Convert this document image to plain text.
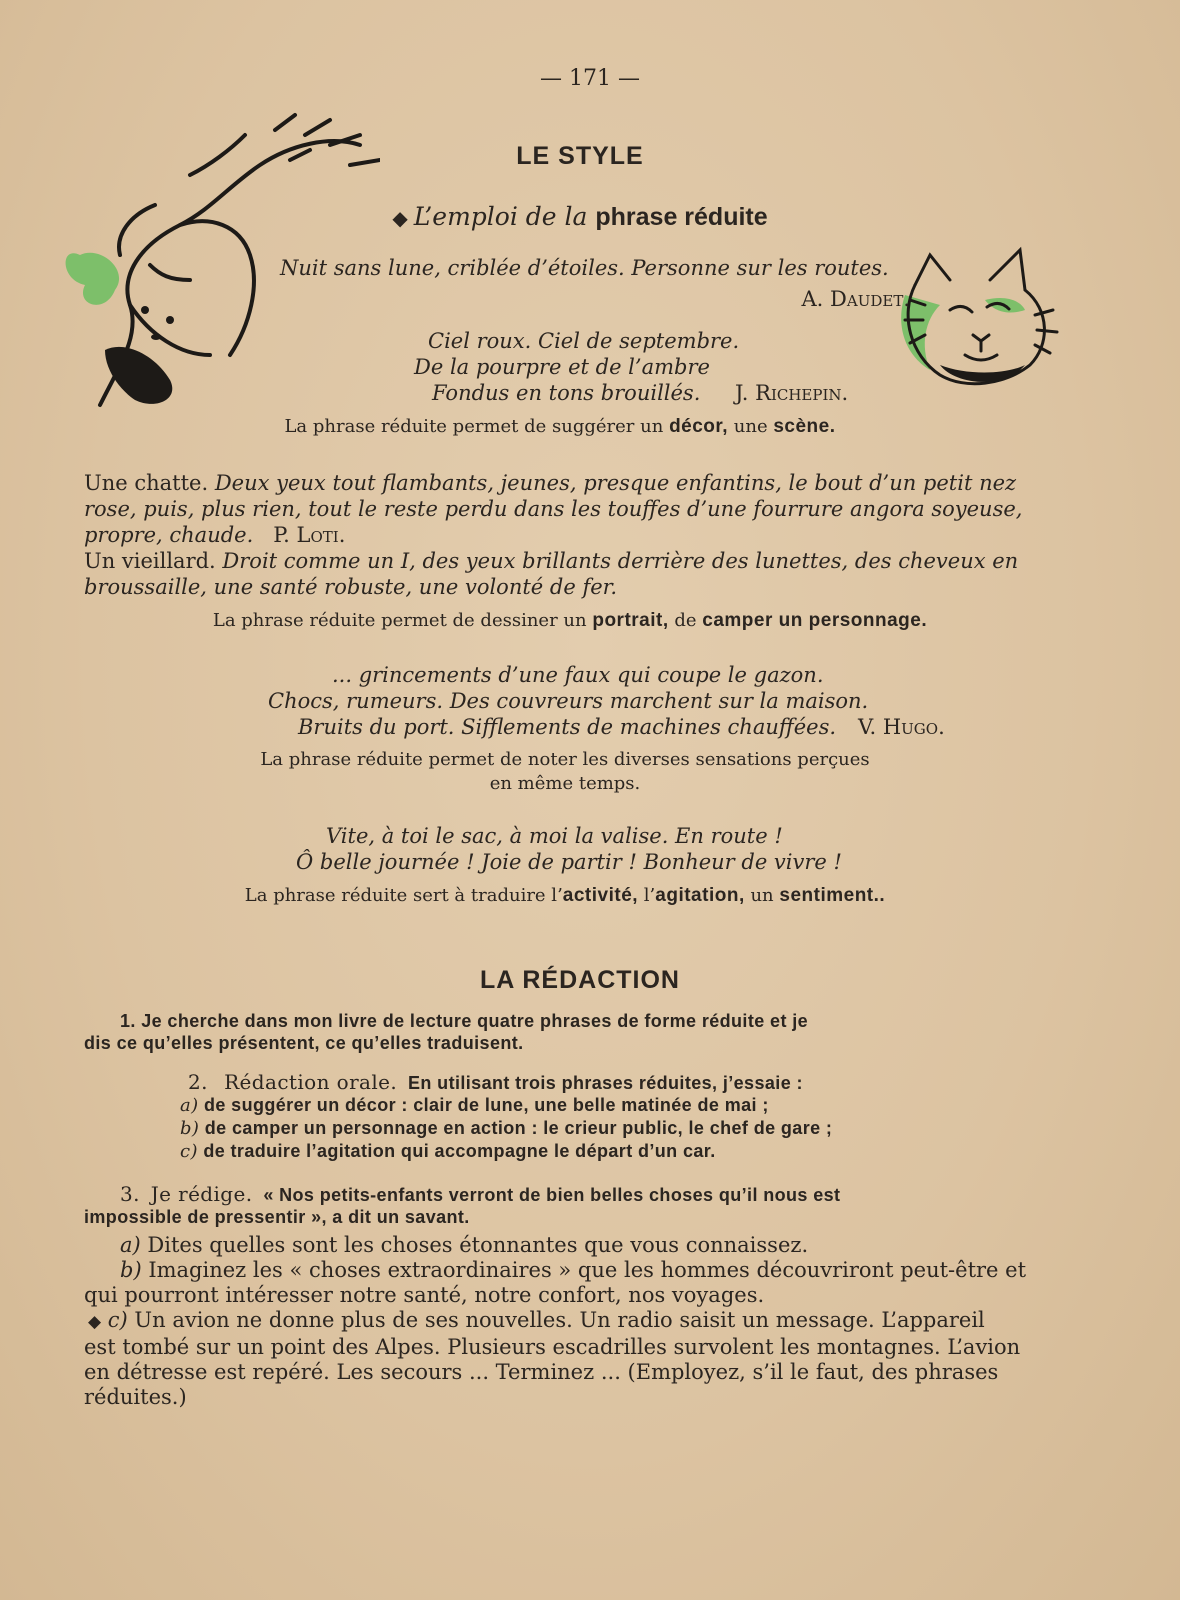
— 171 —
LE STYLE
◆ L’emploi de la phrase réduite
Nuit sans lune, criblée d’étoiles. Personne sur les routes.
A. Daudet.
Ciel roux. Ciel de septembre.
De la pourpre et de l’ambre
Fondus en tons brouillés. J. Richepin.
La phrase réduite permet de suggérer un décor, une scène.
Une chatte. Deux yeux tout flambants, jeunes, presque enfantins, le bout d’un petit nez
rose, puis, plus rien, tout le reste perdu dans les touffes d’une fourrure angora soyeuse,
propre, chaude. P. Loti.
Un vieillard. Droit comme un I, des yeux brillants derrière des lunettes, des cheveux en
broussaille, une santé robuste, une volonté de fer.
La phrase réduite permet de dessiner un portrait, de camper un personnage.
... grincements d’une faux qui coupe le gazon.
Chocs, rumeurs. Des couvreurs marchent sur la maison.
Bruits du port. Sifflements de machines chauffées. V. Hugo.
La phrase réduite permet de noter les diverses sensations perçues
en même temps.
Vite, à toi le sac, à moi la valise. En route !
Ô belle journée ! Joie de partir ! Bonheur de vivre !
La phrase réduite sert à traduire l’activité, l’agitation, un sentiment..
LA RÉDACTION
1. Je cherche dans mon livre de lecture quatre phrases de forme réduite et je
dis ce qu’elles présentent, ce qu’elles traduisent.
2. Rédaction orale. En utilisant trois phrases réduites, j’essaie :
a) de suggérer un décor : clair de lune, une belle matinée de mai ;
b) de camper un personnage en action : le crieur public, le chef de gare ;
c) de traduire l’agitation qui accompagne le départ d’un car.
3. Je rédige. « Nos petits-enfants verront de bien belles choses qu’il nous est
impossible de pressentir », a dit un savant.
a) Dites quelles sont les choses étonnantes que vous connaissez.
b) Imaginez les « choses extraordinaires » que les hommes découvriront peut-être et
qui pourront intéresser notre santé, notre confort, nos voyages.
◆ c) Un avion ne donne plus de ses nouvelles. Un radio saisit un message. L’appareil
est tombé sur un point des Alpes. Plusieurs escadrilles survolent les montagnes. L’avion
en détresse est repéré. Les secours ... Terminez ... (Employez, s’il le faut, des phrases
réduites.)
